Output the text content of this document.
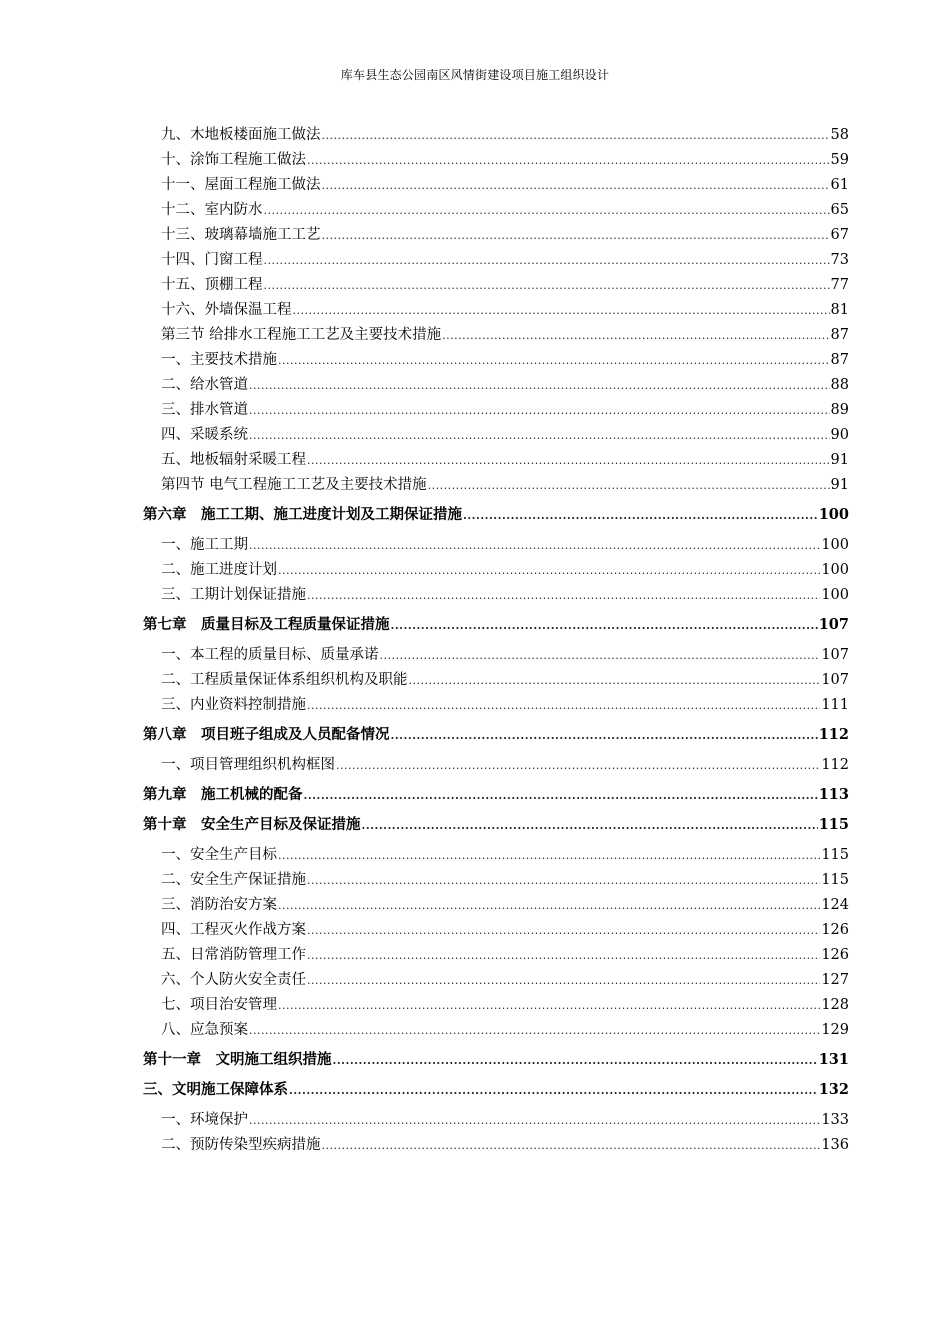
库车县生态公园南区风情街建设项目施工组织设计
九、木地板楼面施工做法 .....	58
十、涂饰工程施工做法 .....	59
十一、屋面工程施工做法 .....	61
十二、室内防水 .....	65
十三、玻璃幕墙施工工艺 .....	67
十四、门窗工程 .....	73
十五、顶棚工程 .....	77
十六、外墙保温工程 .....	81
第三节 给排水工程施工工艺及主要技术措施 .....	87
一、主要技术措施 .....	87
二、给水管道 .....	88
三、排水管道 .....	89
四、采暖系统 .....	90
五、地板辐射采暖工程 .....	91
第四节 电气工程施工工艺及主要技术措施 .....	91
第六章　施工工期、施工进度计划及工期保证措施 .....	100
一、施工工期 .....	100
二、施工进度计划 .....	100
三、工期计划保证措施 .....	100
第七章　质量目标及工程质量保证措施 .....	107
一、本工程的质量目标、质量承诺 .....	107
二、工程质量保证体系组织机构及职能 .....	107
三、内业资料控制措施 .....	111
第八章　项目班子组成及人员配备情况 .....	112
一、项目管理组织机构框图 .....	112
第九章　施工机械的配备 .....	113
第十章　安全生产目标及保证措施 .....	115
一、安全生产目标 .....	115
二、安全生产保证措施 .....	115
三、消防治安方案 .....	124
四、工程灭火作战方案 .....	126
五、日常消防管理工作 .....	126
六、个人防火安全责任 .....	127
七、项目治安管理 .....	128
八、应急预案 .....	129
第十一章　文明施工组织措施 .....	131
三、文明施工保障体系 .....	132
一、环境保护 .....	133
二、预防传染型疾病措施 .....	136
